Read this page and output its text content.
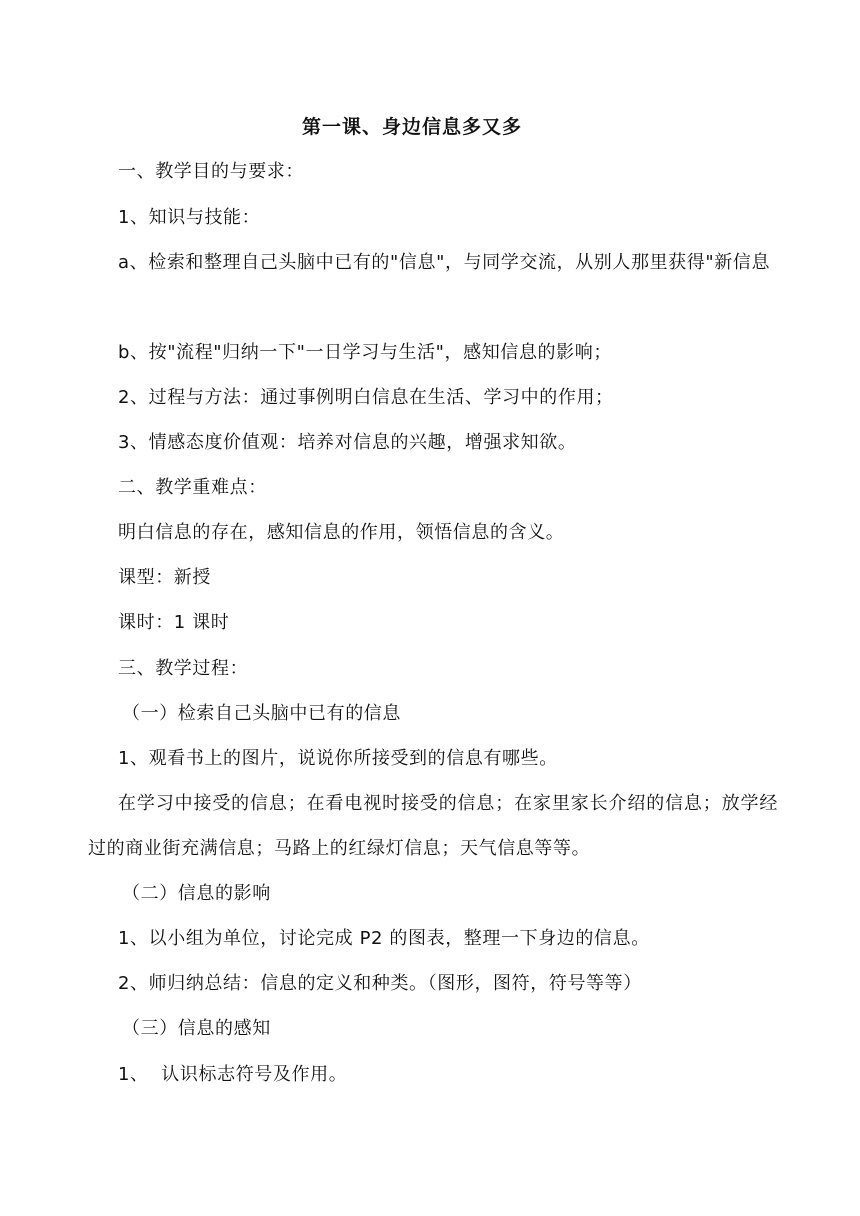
第一课、身边信息多又多
一、教学目的与要求：
1、知识与技能：
a、检索和整理自己头脑中已有的"信息"，与同学交流，从别人那里获得"新信息
b、按"流程"归纳一下"一日学习与生活"，感知信息的影响；
2、过程与方法：通过事例明白信息在生活、学习中的作用；
3、情感态度价值观：培养对信息的兴趣，增强求知欲。
二、教学重难点：
明白信息的存在，感知信息的作用，领悟信息的含义。
课型：新授
课时：1 课时
三、教学过程：
（一）检索自己头脑中已有的信息
1、观看书上的图片，说说你所接受到的信息有哪些。
在学习中接受的信息；在看电视时接受的信息；在家里家长介绍的信息；放学经过的商业街充满信息；马路上的红绿灯信息；天气信息等等。
（二）信息的影响
1、以小组为单位，讨论完成 P2 的图表，整理一下身边的信息。
2、师归纳总结：信息的定义和种类。（图形，图符，符号等等）
（三）信息的感知
1、  认识标志符号及作用。
